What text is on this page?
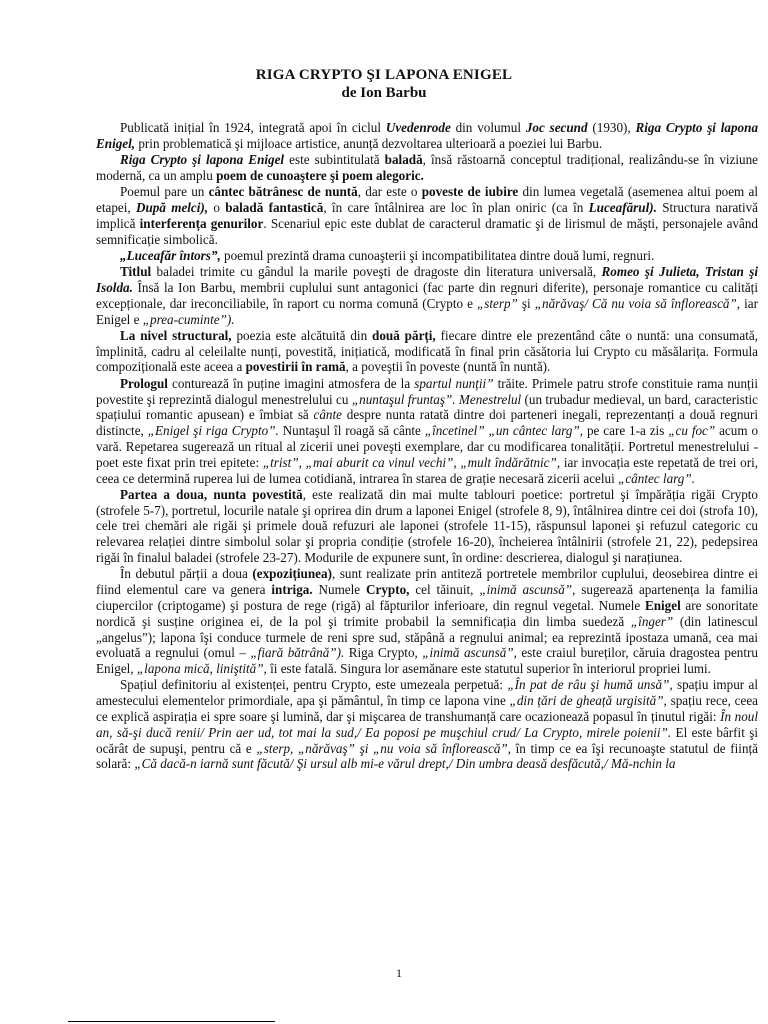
RIGA CRYPTO ŞI LAPONA ENIGEL
de Ion Barbu

Publicată inițial în 1924, integrată apoi în ciclul Uvedenrode din volumul Joc secund (1930), Riga Crypto şi lapona Enigel, prin problematică şi mijloace artistice, anunță dezvoltarea ulterioară a poeziei lui Barbu.

Riga Crypto şi lapona Enigel este subintitulată baladă, însă răstoarnă conceptul tradițional, realizându-se în viziune modernă, ca un amplu poem de cunoaştere şi poem alegoric.

Poemul pare un cântec bătrânesc de nuntă, dar este o poveste de iubire din lumea vegetală (asemenea altui poem al etapei, După melci), o baladă fantastică, în care întâlnirea are loc în plan oniric (ca în Luceafărul). Structura narativă implică interferența genurilor. Scenariul epic este dublat de caracterul dramatic şi de lirismul de măşti, personajele având semnificație simbolică.

„Luceafăr întors”, poemul prezintă drama cunoaşterii şi incompatibilitatea dintre două lumi, regnuri.

Titlul baladei trimite cu gândul la marile poveşti de dragoste din literatura universală, Romeo şi Julieta, Tristan şi Isolda. Însă la Ion Barbu, membrii cuplului sunt antagonici (fac parte din regnuri diferite), personaje romantice cu calități excepționale, dar ireconciliabile, în raport cu norma comună (Crypto e „sterp” şi „nărăvaş/ Că nu voia să înflorească”, iar Enigel e „prea-cuminte”).

La nivel structural, poezia este alcătuită din două părți, fiecare dintre ele prezentând câte o nuntă: una consumată, împlinită, cadru al celeilalte nunți, povestită, inițiatică, modificată în final prin căsătoria lui Crypto cu măsălarița. Formula compozițională este aceea a povestirii în ramă, a poveştii în poveste (nuntă în nuntă).

Prologul conturează în puține imagini atmosfera de la spartul nunții” trăite. Primele patru strofe constituie rama nunții povestite şi reprezintă dialogul menestrelului cu „nuntaşul fruntaş”. Menestrelul (un trubadur medieval, un bard, caracteristic spațiului romantic apusean) e îmbiat să cânte despre nunta ratată dintre doi parteneri inegali, reprezentanți a două regnuri distincte, „Enigel şi riga Crypto”. Nuntaşul îl roagă să cânte „încetinel” „un cântec larg”, pe care 1-a zis „cu foc” acum o vară. Repetarea sugerează un ritual al zicerii unei poveşti exemplare, dar cu modificarea tonalității. Portretul menestrelului - poet este fixat prin trei epitete: „trist”, „mai aburit ca vinul vechi”, „mult îndărătnic”, iar invocația este repetată de trei ori, ceea ce determină ruperea lui de lumea cotidiană, intrarea în starea de grație necesară zicerii acelui „cântec larg”.

Partea a doua, nunta povestită, este realizată din mai multe tablouri poetice: portretul şi împărăția rigăi Crypto (strofele 5-7), portretul, locurile natale şi oprirea din drum a laponei Enigel (strofele 8, 9), întâlnirea dintre cei doi (strofa 10), cele trei chemări ale rigăi şi primele două refuzuri ale laponei (strofele 11-15), răspunsul laponei şi refuzul categoric cu relevarea relației dintre simbolul solar şi propria condiție (strofele 16-20), încheierea întâlnirii (strofele 21, 22), pedepsirea rigăi în finalul baladei (strofele 23-27). Modurile de expunere sunt, în ordine: descrierea, dialogul şi narațiunea.

În debutul părții a doua (expozițiunea), sunt realizate prin antiteză portretele membrilor cuplului, deosebirea dintre ei fiind elementul care va genera intriga. Numele Crypto, cel tăinuit, „inimă ascunsă”, sugerează apartenența la familia ciupercilor (criptogame) şi postura de rege (rigă) al făpturilor inferioare, din regnul vegetal. Numele Enigel are sonoritate nordică şi susține originea ei, de la pol şi trimite probabil la semnificația din limba suedeză „înger” (din latinescul „angelus”); lapona îşi conduce turmele de reni spre sud, stăpână a regnului animal; ea reprezintă ipostaza umană, cea mai evoluată a regnului (omul – „fiară bătrână”). Riga Crypto, „inimă ascunsă”, este craiul bureților, căruia dragostea pentru Enigel, „lapona mică, liniştită”, îi este fatală. Singura lor asemănare este statutul superior în interiorul propriei lumi.

Spațiul definitoriu al existenței, pentru Crypto, este umezeala perpetuă: „În pat de râu şi humă unsă”, spațiu impur al amestecului elementelor primordiale, apa şi pământul, în timp ce lapona vine „din țări de gheață urgisită”, spațiu rece, ceea ce explică aspirația ei spre soare şi lumină, dar şi mişcarea de transhumanță care ocazionează popasul în ținutul rigăi: În noul an, să-şi ducă renii/ Prin aer ud, tot mai la sud,/ Ea poposi pe muşchiul crud/ La Crypto, mirele poienii”. El este bârfit şi ocărât de supuşi, pentru că e „sterp, „nărăvaş” şi „nu voia să înflorească”, în timp ce ea îşi recunoaşte statutul de ființă solară: „Că dacă-n iarnă sunt făcută/ Şi ursul alb mi-e vărul drept,/ Din umbra deasă desfăcută,/ Mă-nchin la

1
